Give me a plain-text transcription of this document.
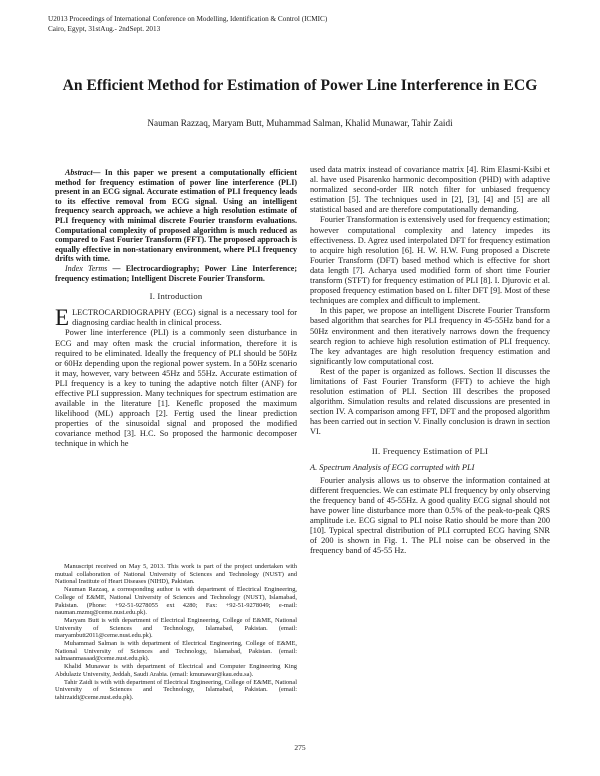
U2013 Proceedings of International Conference on Modelling, Identification & Control (ICMIC)
Cairo, Egypt, 31stAug.- 2ndSept. 2013
An Efficient Method for Estimation of Power Line Interference in ECG
Nauman Razzaq, Maryam Butt, Muhammad Salman, Khalid Munawar, Tahir Zaidi

Abstract— In this paper we present a computationally efficient method for frequency estimation of power line interference (PLI) present in an ECG signal. Accurate estimation of PLI frequency leads to its effective removal from ECG signal. Using an intelligent frequency search approach, we achieve a high resolution estimate of PLI frequency with minimal discrete Fourier transform evaluations. Computational complexity of proposed algorithm is much reduced as compared to Fast Fourier Transform (FFT). The proposed approach is equally effective in non-stationary environment, where PLI frequency drifts with time.

Index Terms — Electrocardiography; Power Line Interference; frequency estimation; Intelligent Discrete Fourier Transform.

I. Introduction

ELECTROCARDIOGRAPHY (ECG) signal is a necessary tool for diagnosing cardiac health in clinical process.

Power line interference (PLI) is a commonly seen disturbance in ECG and may often mask the crucial information, therefore it is required to be eliminated. Ideally the frequency of PLI should be 50Hz or 60Hz depending upon the regional power system. In a 50Hz scenario it may, however, vary between 45Hz and 55Hz. Accurate estimation of PLI frequency is a key to tuning the adaptive notch filter (ANF) for effective PLI suppression. Many techniques for spectrum estimation are available in the literature [1]. Keneflc proposed the maximum likelihood (ML) approach [2]. Fertig used the linear prediction properties of the sinusoidal signal and proposed the modified covariance method [3]. H.C. So proposed the harmonic decomposer technique in which he

Manuscript received on May 5, 2013. This work is part of the project undertaken with mutual collaboration of National University of Sciences and Technology (NUST) and National Institute of Heart Diseases (NIHD), Pakistan.

Nauman Razzaq, a corresponding author is with department of Electrical Engineering, College of E&ME, National University of Sciences and Technology (NUST), Islamabad, Pakistan. (Phone: +92-51-9278055 ext 4280; Fax: +92-51-9278049; e-mail: nauman.mzmq@ceme.nust.edu.pk).

Maryam Butt is with department of Electrical Engineering, College of E&ME, National University of Sciences and Technology, Islamabad, Pakistan. (email: maryambutt2011@ceme.nust.edu.pk).

Muhammad Salman is with department of Electrical Engineering, College of E&ME, National University of Sciences and Technology, Islamabad, Pakistan. (email: salmaanmasaad@ceme.nust.edu.pk).

Khalid Munawar is with department of Electrical and Computer Engineering King Abdulaziz University, Jeddah, Saudi Arabia. (email: kmunawar@kau.edu.sa).

Tahir Zaidi is with with department of Electrical Engineering, College of E&ME, National University of Sciences and Technology, Islamabad, Pakistan. (email: tahirzaidi@ceme.nust.edu.pk).

used data matrix instead of covariance matrix [4]. Rim Elasmi-Ksibi et al. have used Pisarenko harmonic decomposition (PHD) with adaptive normalized second-order IIR notch filter for unbiased frequency estimation [5]. The techniques used in [2], [3], [4] and [5] are all statistical based and are therefore computationally demanding.

Fourier Transformation is extensively used for frequency estimation; however computational complexity and latency impedes its effectiveness. D. Agrez used interpolated DFT for frequency estimation to acquire high resolution [6]. H. W. H.W. Fung proposed a Discrete Fourier Transform (DFT) based method which is effective for short data length [7]. Acharya used modified form of short time Fourier transform (STFT) for frequency estimation of PLI [8]. I. Djurovic et al. proposed frequency estimation based on L filter DFT [9]. Most of these techniques are complex and difficult to implement.

In this paper, we propose an intelligent Discrete Fourier Transform based algorithm that searches for PLI frequency in 45-55Hz band for a 50Hz environment and then iteratively narrows down the frequency search region to achieve high resolution estimation of PLI frequency. The key advantages are high resolution frequency estimation and significantly low computational cost.

Rest of the paper is organized as follows. Section II discusses the limitations of Fast Fourier Transform (FFT) to achieve the high resolution estimation of PLI. Section III describes the proposed algorithm. Simulation results and related discussions are presented in section IV. A comparison among FFT, DFT and the proposed algorithm has been carried out in section V. Finally conclusion is drawn in section VI.

II. Frequency Estimation of PLI

A. Spectrum Analysis of ECG corrupted with PLI

Fourier analysis allows us to observe the information contained at different frequencies. We can estimate PLI frequency by only observing the frequency band of 45-55Hz. A good quality ECG signal should not have power line disturbance more than 0.5% of the peak-to-peak QRS amplitude i.e. ECG signal to PLI noise Ratio should be more than 200 [10]. Typical spectral distribution of PLI corrupted ECG having SNR of 200 is shown in Fig. 1. The PLI noise can be observed in the frequency band of 45-55 Hz.

275
